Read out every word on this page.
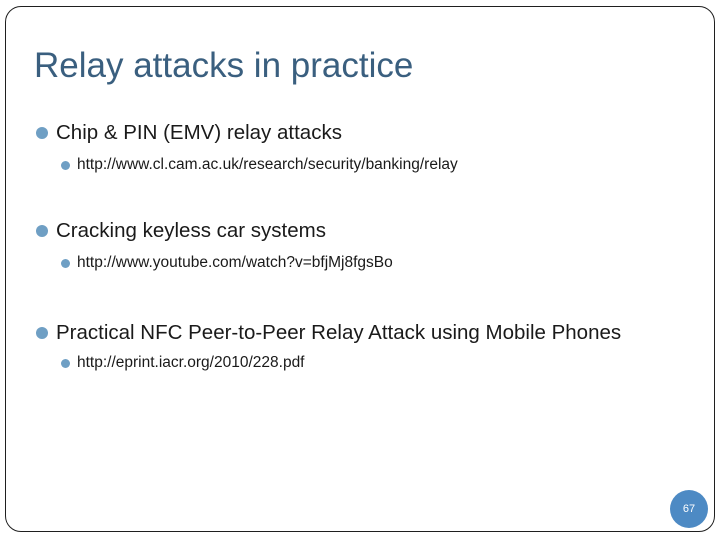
Relay attacks in practice
Chip & PIN (EMV) relay attacks
http://www.cl.cam.ac.uk/research/security/banking/relay
Cracking keyless car systems
http://www.youtube.com/watch?v=bfjMj8fgsBo
Practical NFC Peer-to-Peer Relay Attack using Mobile Phones
http://eprint.iacr.org/2010/228.pdf
67
